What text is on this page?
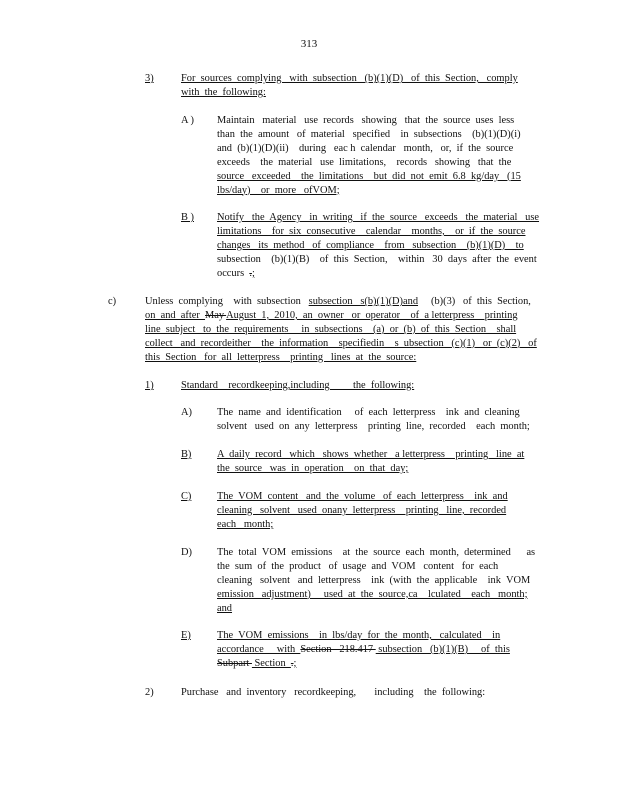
313
3)	For  sources  complying   with  subsection   (b)(1)(D)   of  this  Section,   comply
with  the  following:
A ) Maintain   material   use  records   showing   that  the  source  uses  less
than  the  amount   of  material   specified    in  subsections    (b)(1)(D)(i)
and  (b)(1)(D)(ii)    during   eac h  calendar   month,   or,  if  the  source
exceeds    the  material   use  limitations,    records   showing   that  the
source   exceeded    the  limitations    but  did  not  emit  6.8  kg/day   (15
lbs/day)    or  more   ofVOM;
B ) Notify   the  Agency   in  writing   if  the  source   exceeds   the  material   use
limitations    for  six  consecutive    calendar    months,    or  if  the  source
changes   its  method   of  compliance    from   subsection    (b)(1)(D)    to
subsection    (b)(1)(B)    of  this  Section,    within   30  days  after  the  event
occurs  .;
c)	Unless  complying    with  subsection   subsection   s(b)(1)(D)and     (b)(3)   of  this  Section,
on  and  after  May August  1,  2010,  an  owner   or  operator    of  a letterpress    printing
line  subject   to  the  requirements     in  subsections    (a)  or  (b)  of  this  Section    shall
collect   and  recordeither    the  information    specifiedin    s  ubsection   (c)(1)   or  (c)(2)   of
this  Section   for  all  letterpress    printing   lines  at  the  source:
1)	Standard    recordkeeping,including         the  following:
A) The  name  and  identification     of  each  letterpress    ink  and  cleaning
solvent   used  on  any  letterpress    printing  line,  recorded    each  month;
B) A  daily  record   which   shows  whether   a letterpress    printing   line  at
the  source   was  in  operation    on  that  day;
C) The  VOM  content   and  the  volume   of  each  letterpress    ink  and
cleaning   solvent   used  onany  letterpress    printing   line,  recorded
each   month;
D) The  total  VOM  emissions    at  the  source  each  month,  determined      as
the  sum  of  the  product   of  usage  and  VOM   content   for  each
cleaning   solvent   and  letterpress    ink  (with  the  applicable    ink  VOM
emission   adjustment)     used  at  the  source,ca    lculated    each   month;
and
E)	The  VOM  emissions    in  lbs/day  for  the  month,   calculated    in
accordance     with  Section   218.417  subsection   (b)(1)(B)     of  this
Subpart  Section  .;
2)	Purchase   and  inventory   recordkeeping,       including    the  following:
